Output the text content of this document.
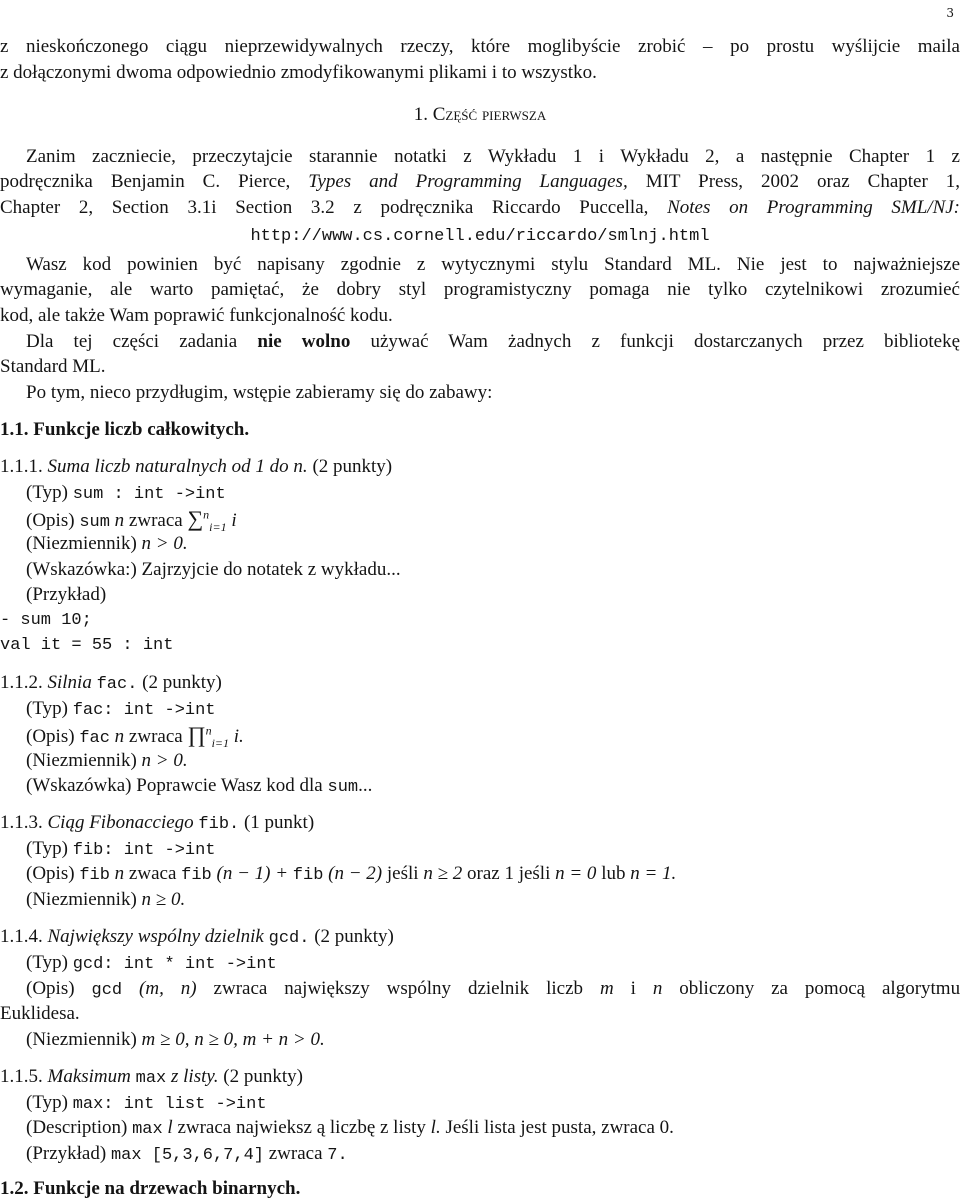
3
z nieskończonego ciągu nieprzewidywalnych rzeczy, które moglibyście zrobić – po prostu wyślijcie maila
z dołączonymi dwoma odpowiednio zmodyfikowanymi plikami i to wszystko.
1. Część pierwsza
Zanim zaczniecie, przeczytajcie starannie notatki z Wykładu 1 i Wykładu 2, a następnie Chapter 1 z
podręcznika Benjamin C. Pierce, Types and Programming Languages, MIT Press, 2002 oraz Chapter 1,
Chapter 2, Section 3.1i Section 3.2 z podręcznika Riccardo Puccella, Notes on Programming SML/NJ:
http://www.cs.cornell.edu/riccardo/smlnj.html
Wasz kod powinien być napisany zgodnie z wytycznymi stylu Standard ML. Nie jest to najważniejsze
wymaganie, ale warto pamiętać, że dobry styl programistyczny pomaga nie tylko czytelnikowi zrozumieć
kod, ale także Wam poprawić funkcjonalność kodu.
Dla tej części zadania nie wolno używać Wam żadnych z funkcji dostarczanych przez bibliotekę
Standard ML.
Po tym, nieco przydługim, wstępie zabieramy się do zabawy:
1.1. Funkcje liczb całkowitych.
1.1.1. Suma liczb naturalnych od 1 do n. (2 punkty)
(Typ) sum : int ->int
(Opis) sum n zwraca ∑$^n_{i=1}$ i
(Niezmiennik) n > 0.
(Wskazówka:) Zajrzyjcie do notatek z wykładu...
(Przykład)
- sum 10;
val it = 55 : int
1.1.2. Silnia fac. (2 punkty)
(Typ) fac: int ->int
(Opis) fac n zwraca ∏$^n_{i=1}$ i.
(Niezmiennik) n > 0.
(Wskazówka) Poprawcie Wasz kod dla sum...
1.1.3. Ciąg Fibonacciego fib. (1 punkt)
(Typ) fib: int ->int
(Opis) fib n zwaca fib (n − 1) + fib (n − 2) jeśli n ≥ 2 oraz 1 jeśli n = 0 lub n = 1.
(Niezmiennik) n ≥ 0.
1.1.4. Największy wspólny dzielnik gcd. (2 punkty)
(Typ) gcd: int * int ->int
(Opis) gcd (m, n) zwraca największy wspólny dzielnik liczb m i n obliczony za pomocą algorytmu
Euklidesa.
(Niezmiennik) m ≥ 0, n ≥ 0, m + n > 0.
1.1.5. Maksimum max z listy. (2 punkty)
(Typ) max: int list ->int
(Description) max l zwraca najwieksz ą liczbę z listy l. Jeśli lista jest pusta, zwraca 0.
(Przykład) max [5,3,6,7,4] zwraca 7.
1.2. Funkcje na drzewach binarnych.
